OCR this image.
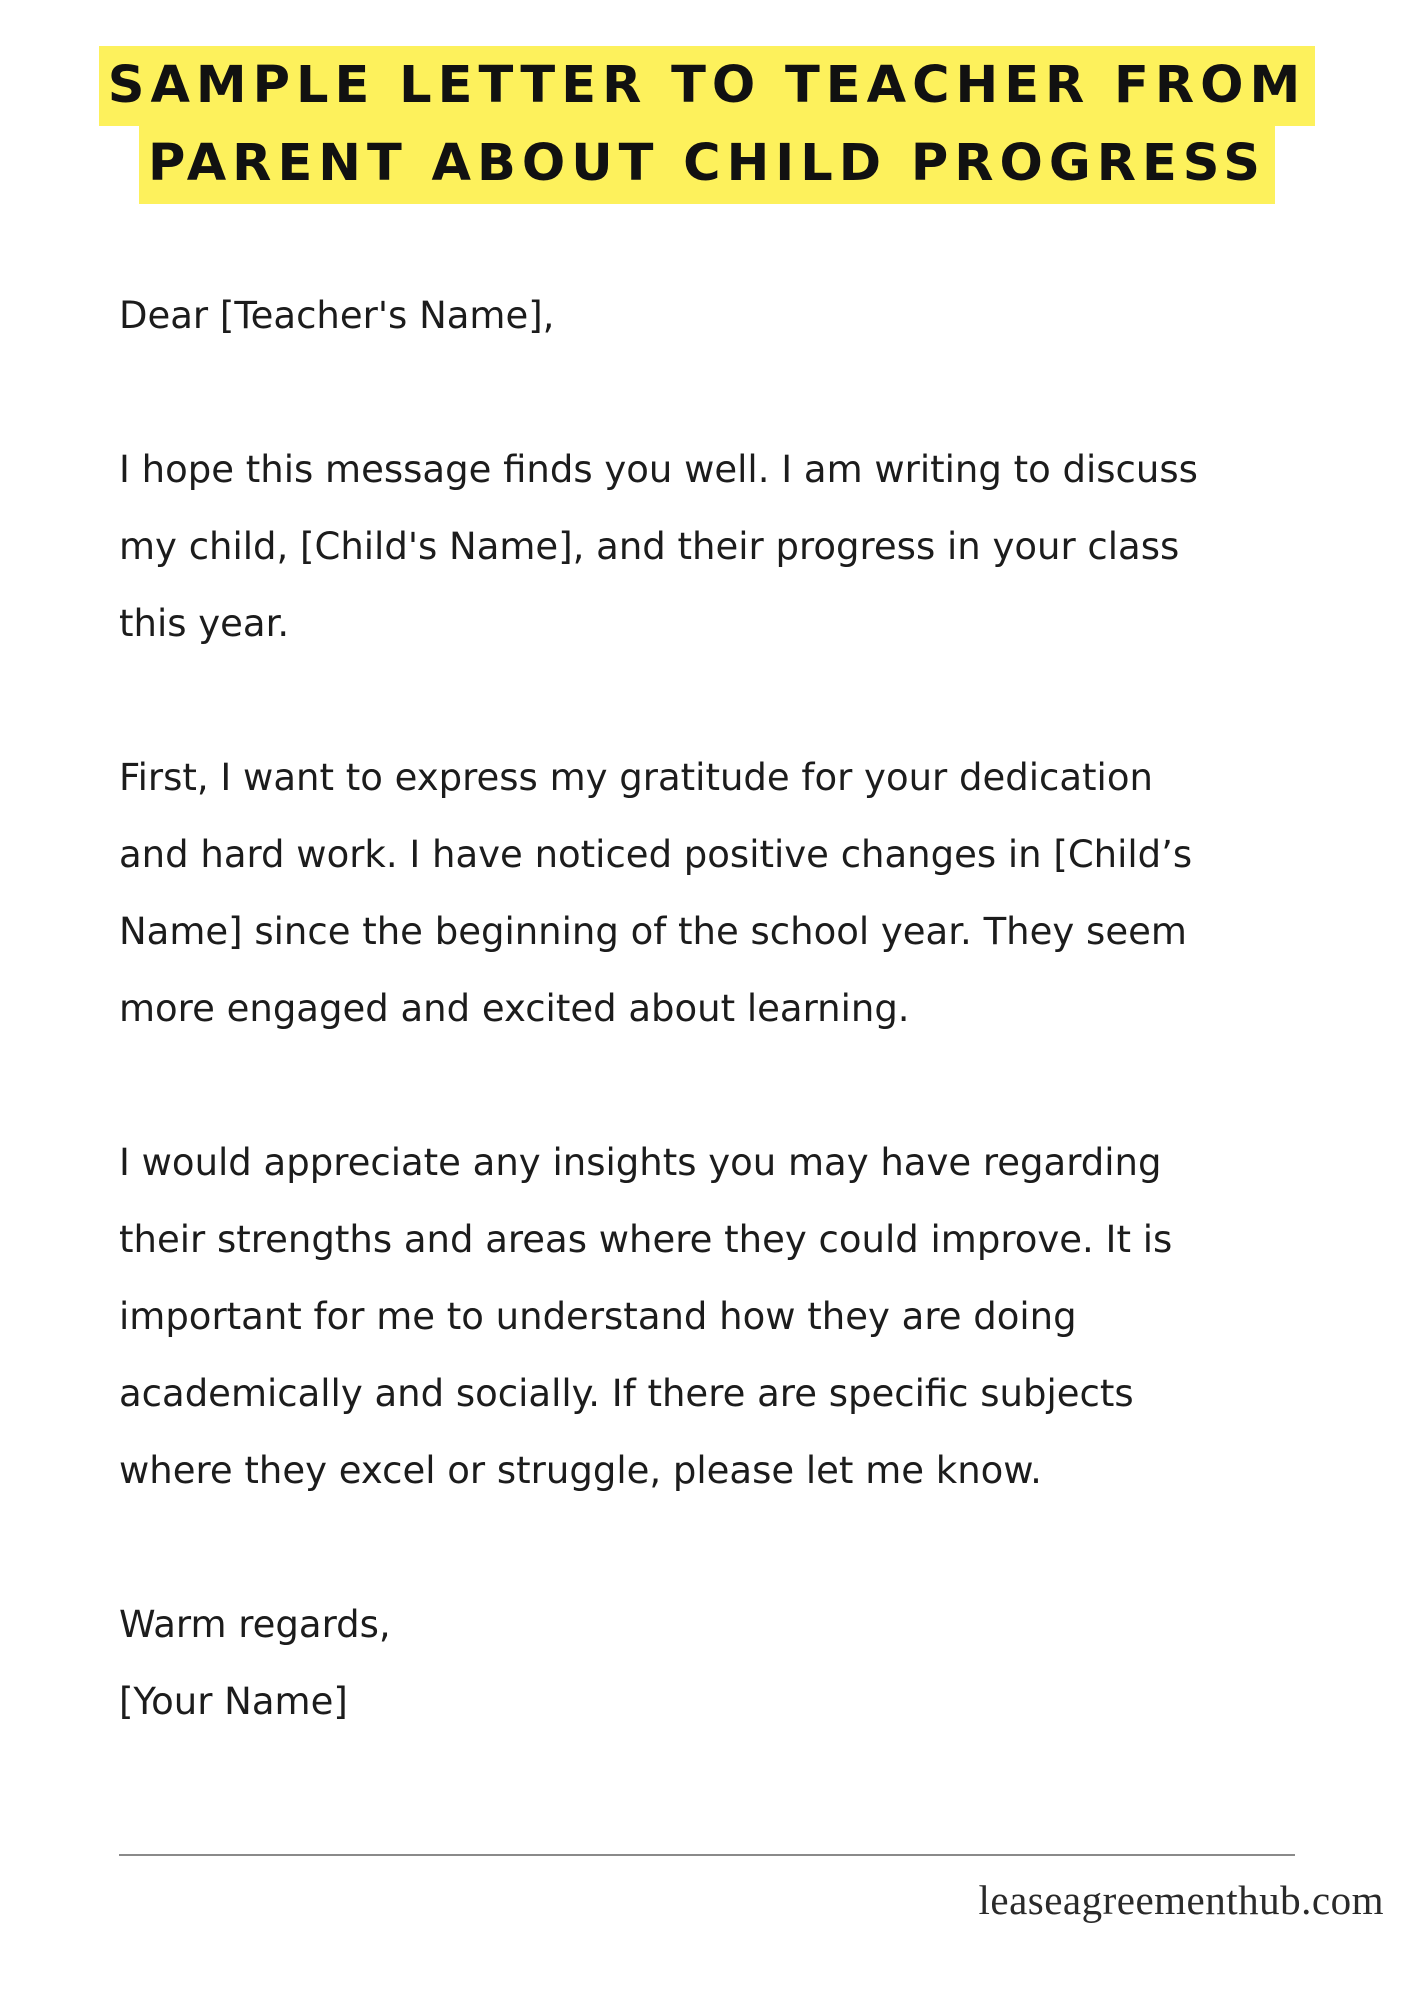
SAMPLE LETTER TO TEACHER FROM
PARENT ABOUT CHILD PROGRESS

Dear [Teacher's Name],

I hope this message finds you well. I am writing to discuss

my child, [Child's Name], and their progress in your class

this year.

First, I want to express my gratitude for your dedication

and hard work. I have noticed positive changes in [Child’s

Name] since the beginning of the school year. They seem

more engaged and excited about learning.

I would appreciate any insights you may have regarding

their strengths and areas where they could improve. It is

important for me to understand how they are doing

academically and socially. If there are specific subjects

where they excel or struggle, please let me know.

Warm regards,

[Your Name]

leaseagreementhub.com
